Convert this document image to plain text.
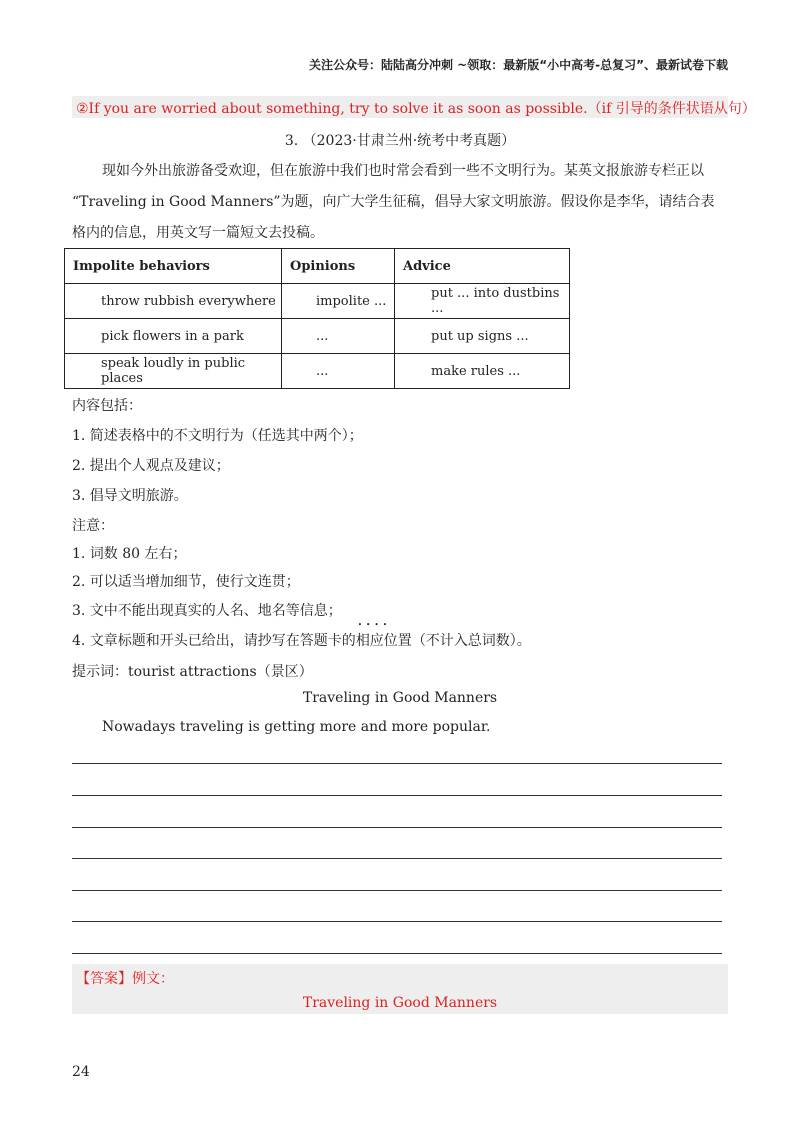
关注公众号：陆陆高分冲刺 ~领取：最新版“小中高考-总复习”、最新试卷下载
②If you are worried about something, try to solve it as soon as possible.（if 引导的条件状语从句）
3. （2023·甘肃兰州·统考中考真题）
现如今外出旅游备受欢迎，但在旅游中我们也时常会看到一些不文明行为。某英文报旅游专栏正以
“Traveling in Good Manners”为题，向广大学生征稿，倡导大家文明旅游。假设你是李华，请结合表
格内的信息，用英文写一篇短文去投稿。
Impolite behaviors	Opinions	Advice
throw rubbish everywhere	impolite ...	put ... into dustbins ...
pick flowers in a park	...	put up signs ...
speak loudly in public places	...	make rules ...
内容包括：
1. 简述表格中的不文明行为（任选其中两个）；
2. 提出个人观点及建议；
3. 倡导文明旅游。
注意：
1. 词数 80 左右；
2. 可以适当增加细节，使行文连贯；
3. 文中不能出现真实的人名、地名等信息；
4. 文章标题和开头已给出，请抄写在答题卡的• • • • 相应位置（不计入总词数）。
提示词：tourist attractions（景区）
Traveling in Good Manners
Nowadays traveling is getting more and more popular.
【答案】例文：
Traveling in Good Manners
24
